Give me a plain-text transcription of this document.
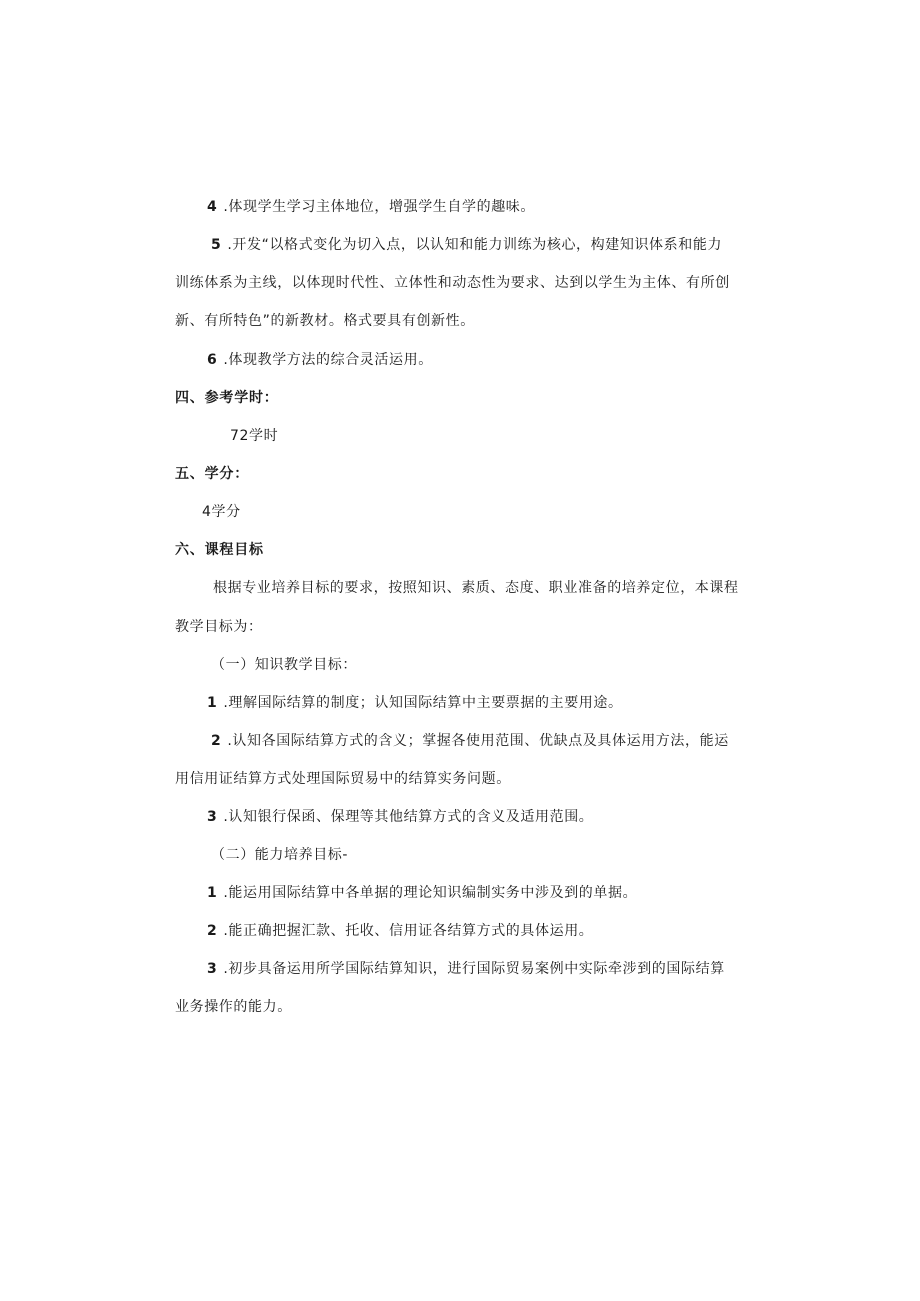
4 .体现学生学习主体地位，增强学生自学的趣味。
5 .开发“以格式变化为切入点，以认知和能力训练为核心，构建知识体系和能力
训练体系为主线，以体现时代性、立体性和动态性为要求、达到以学生为主体、有所创
新、有所特色”的新教材。格式要具有创新性。
6 .体现教学方法的综合灵活运用。
四、参考学时：
72学时
五、学分：
4学分
六、课程目标
根据专业培养目标的要求，按照知识、素质、态度、职业准备的培养定位，本课程
教学目标为：
（一）知识教学目标：
1 .理解国际结算的制度；认知国际结算中主要票据的主要用途。
2 .认知各国际结算方式的含义；掌握各使用范围、优缺点及具体运用方法，能运
用信用证结算方式处理国际贸易中的结算实务问题。
3 .认知银行保函、保理等其他结算方式的含义及适用范围。
（二）能力培养目标-
1 .能运用国际结算中各单据的理论知识编制实务中涉及到的单据。
2 .能正确把握汇款、托收、信用证各结算方式的具体运用。
3 .初步具备运用所学国际结算知识，进行国际贸易案例中实际牵涉到的国际结算
业务操作的能力。
